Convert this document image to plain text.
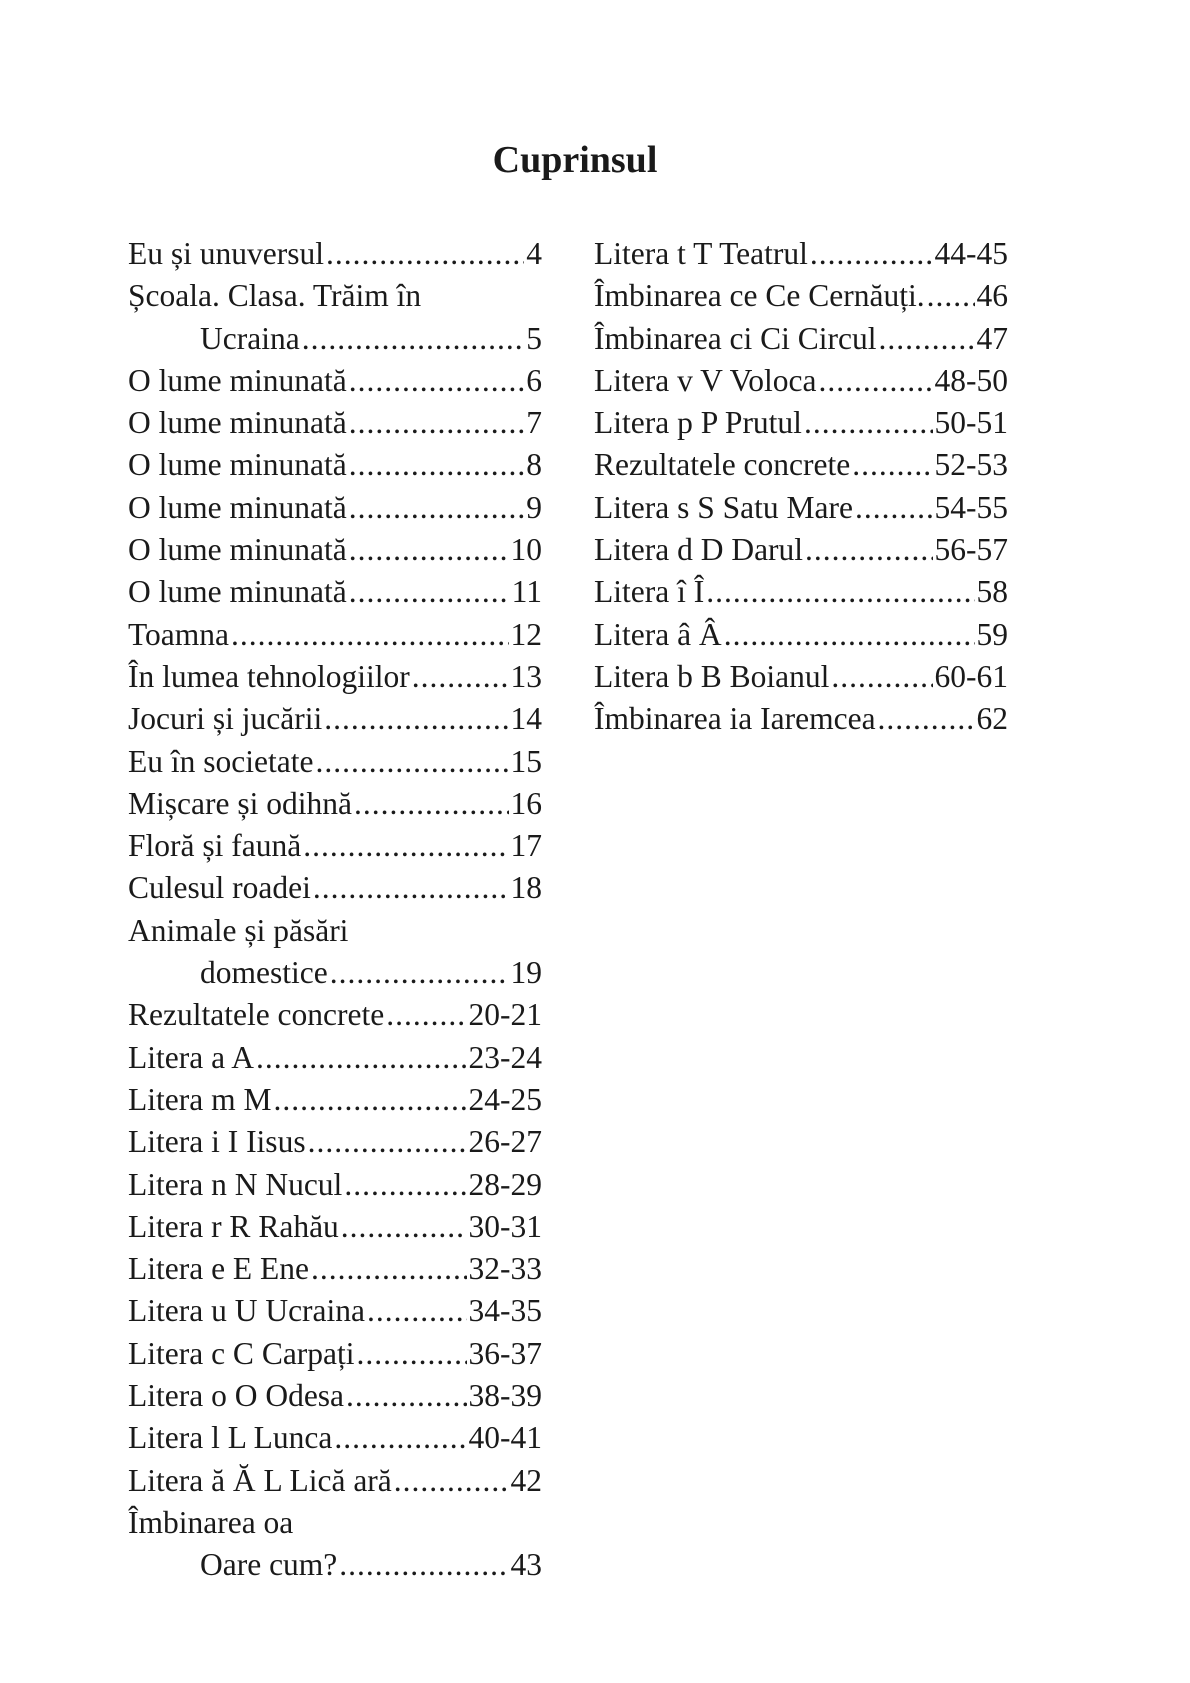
Cuprinsul
Eu și unuversul .....	4
Școala. Clasa. Trăim în
Ucraina .....	5
O lume minunată .....	6
O lume minunată .....	7
O lume minunată .....	8
O lume minunată .....	9
O lume minunată .....	10
O lume minunată .....	11
Toamna .....	12
În lumea tehnologiilor .....	13
Jocuri și jucării .....	14
Eu în societate .....	15
Mișcare și odihnă .....	16
Floră și faună .....	17
Culesul roadei .....	18
Animale și păsări
domestice .....	19
Rezultatele concrete .....	20-21
Litera a A .....	23-24
Litera m M .....	24-25
Litera i I Iisus .....	26-27
Litera n N Nucul .....	28-29
Litera r R Rahău .....	30-31
Litera e E Ene .....	32-33
Litera u U Ucraina .....	34-35
Litera c C Carpați .....	36-37
Litera o O Odesa .....	38-39
Litera l L Lunca .....	40-41
Litera ă Ă L Lică ară .....	42
Îmbinarea oa
Oare cum? .....	43
Litera t T Teatrul .....	44-45
Îmbinarea ce Ce Cernăuți. ..... 46
Îmbinarea ci Ci Circul .....	47
Litera v V Voloca .....	48-50
Litera p P Prutul .....	50-51
Rezultatele concrete .....	52-53
Litera s S Satu Mare .....	54-55
Litera d D Darul .....	56-57
Litera î Î .....	58
Litera â Â .....	59
Litera b B Boianul .....	60-61
Îmbinarea ia Iaremcea .....	62
